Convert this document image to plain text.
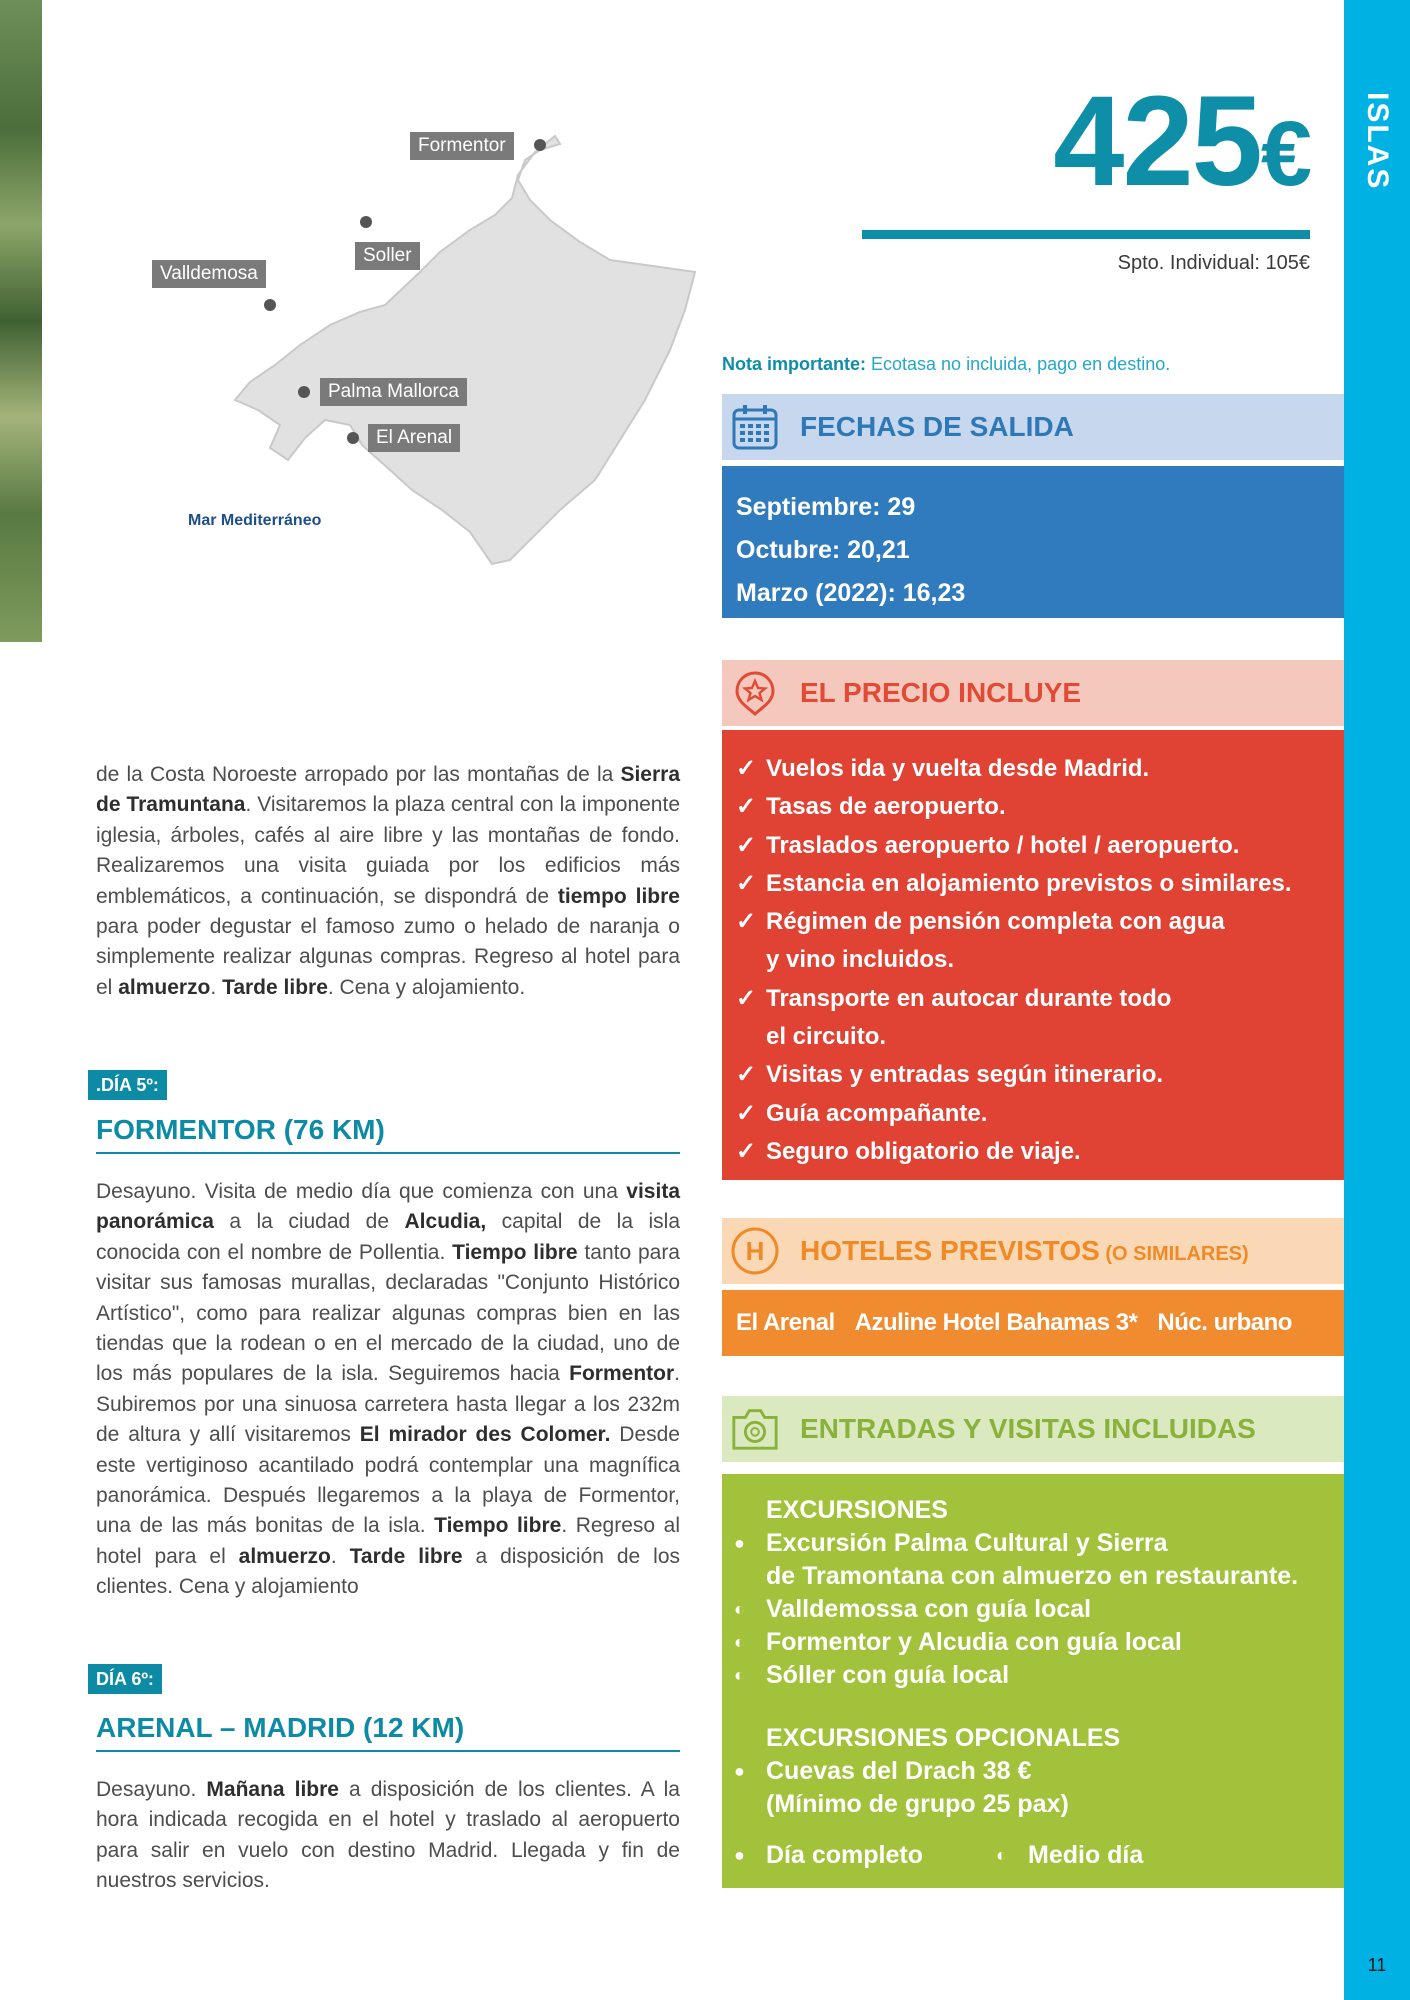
ISLAS
11
Formentor
Soller
Valldemosa
Palma Mallorca
El Arenal
Mar Mediterráneo
425€
Spto. Individual: 105€
Nota importante: Ecotasa no incluida, pago en destino.
FECHAS DE SALIDA
Septiembre: 29
Octubre: 20,21
Marzo (2022): 16,23
EL PRECIO INCLUYE
✓ Vuelos ida y vuelta desde Madrid.
✓ Tasas de aeropuerto.
✓ Traslados aeropuerto / hotel / aeropuerto.
✓ Estancia en alojamiento previstos o similares.
✓ Régimen de pensión completa con agua
y vino incluidos.
✓ Transporte en autocar durante todo
el circuito.
✓ Visitas y entradas según itinerario.
✓ Guía acompañante.
✓ Seguro obligatorio de viaje.
H HOTELES PREVISTOS (O SIMILARES)
El Arenal Azuline Hotel Bahamas 3* Núc. urbano
ENTRADAS Y VISITAS INCLUIDAS
EXCURSIONES
● Excursión Palma Cultural y Sierra
de Tramontana con almuerzo en restaurante.
◐ Valldemossa con guía local
◐ Formentor y Alcudia con guía local
◐ Sóller con guía local
EXCURSIONES OPCIONALES
● Cuevas del Drach 38 €
(Mínimo de grupo 25 pax)
● Día completo	◐ Medio día
de la Costa Noroeste arropado por las montañas de la Sierra de Tramuntana. Visitaremos la plaza central con la imponente iglesia, árboles, cafés al aire libre y las montañas de fondo. Realizaremos una visita guiada por los edificios más emblemáticos, a continuación, se dispondrá de tiempo libre para poder degustar el famoso zumo o helado de naranja o simplemente realizar algunas compras. Regreso al hotel para el almuerzo. Tarde libre. Cena y alojamiento.
.DÍA 5º:
FORMENTOR (76 KM)
Desayuno. Visita de medio día que comienza con una visita panorámica a la ciudad de Alcudia, capital de la isla conocida con el nombre de Pollentia. Tiempo libre tanto para visitar sus famosas murallas, declaradas "Conjunto Histórico Artístico", como para realizar algunas compras bien en las tiendas que la rodean o en el mercado de la ciudad, uno de los más populares de la isla. Seguiremos hacia Formentor. Subiremos por una sinuosa carretera hasta llegar a los 232m de altura y allí visitaremos El mirador des Colomer. Desde este vertiginoso acantilado podrá contemplar una magnífica panorámica. Después llegaremos a la playa de Formentor, una de las más bonitas de la isla. Tiempo libre. Regreso al hotel para el almuerzo. Tarde libre a disposición de los clientes. Cena y alojamiento
DÍA 6º:
ARENAL – MADRID (12 KM)
Desayuno. Mañana libre a disposición de los clientes. A la hora indicada recogida en el hotel y traslado al aeropuerto para salir en vuelo con destino Madrid. Llegada y fin de nuestros servicios.
